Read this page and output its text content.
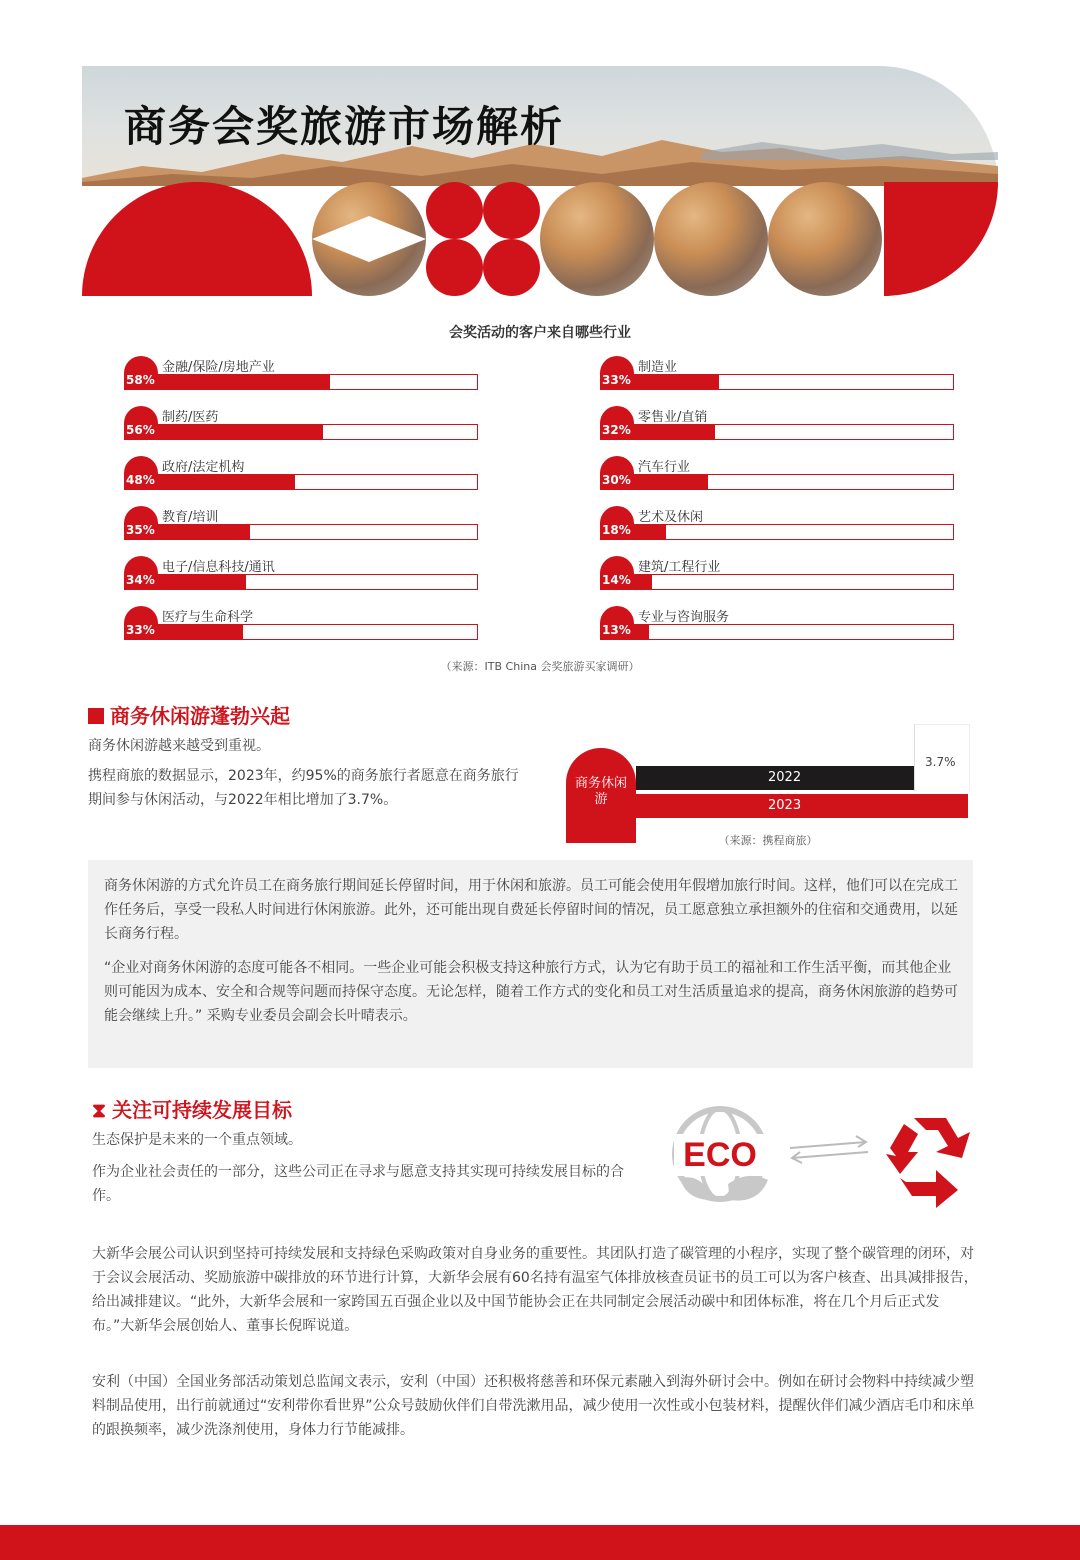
商务会奖旅游市场解析
会奖活动的客户来自哪些行业
58%
金融/保险/房地产业
56%
制药/医药
48%
政府/法定机构
35%
教育/培训
34%
电子/信息科技/通讯
33%
医疗与生命科学
33%
制造业
32%
零售业/直销
30%
汽车行业
18%
艺术及休闲
14%
建筑/工程行业
13%
专业与咨询服务
（来源：ITB China 会奖旅游买家调研）
商务休闲游蓬勃兴起
商务休闲游越来越受到重视。
携程商旅的数据显示，2023年，约95%的商务旅行者愿意在商务旅行期间参与休闲活动，与2022年相比增加了3.7%。
3.7%
商务休闲游
2022
2023
（来源：携程商旅）

商务休闲游的方式允许员工在商务旅行期间延长停留时间，用于休闲和旅游。员工可能会使用年假增加旅行时间。这样，他们可以在完成工作任务后，享受一段私人时间进行休闲旅游。此外，还可能出现自费延长停留时间的情况，员工愿意独立承担额外的住宿和交通费用，以延长商务行程。

“企业对商务休闲游的态度可能各不相同。一些企业可能会积极支持这种旅行方式，认为它有助于员工的福祉和工作生活平衡，而其他企业则可能因为成本、安全和合规等问题而持保守态度。无论怎样，随着工作方式的变化和员工对生活质量追求的提高，商务休闲旅游的趋势可能会继续上升。” 采购专业委员会副会长叶晴表示。

⧗ 关注可持续发展目标
生态保护是未来的一个重点领域。
作为企业社会责任的一部分，这些公司正在寻求与愿意支持其实现可持续发展目标的合作。
ECO

大新华会展公司认识到坚持可持续发展和支持绿色采购政策对自身业务的重要性。其团队打造了碳管理的小程序，实现了整个碳管理的闭环，对于会议会展活动、奖励旅游中碳排放的环节进行计算，大新华会展有60名持有温室气体排放核查员证书的员工可以为客户核查、出具减排报告，给出减排建议。“此外，大新华会展和一家跨国五百强企业以及中国节能协会正在共同制定会展活动碳中和团体标准，将在几个月后正式发布。”大新华会展创始人、董事长倪晖说道。

安利（中国）全国业务部活动策划总监闻文表示，安利（中国）还积极将慈善和环保元素融入到海外研讨会中。例如在研讨会物料中持续减少塑料制品使用，出行前就通过“安利带你看世界”公众号鼓励伙伴们自带洗漱用品，减少使用一次性或小包装材料，提醒伙伴们减少酒店毛巾和床单的跟换频率，减少洗涤剂使用，身体力行节能减排。
